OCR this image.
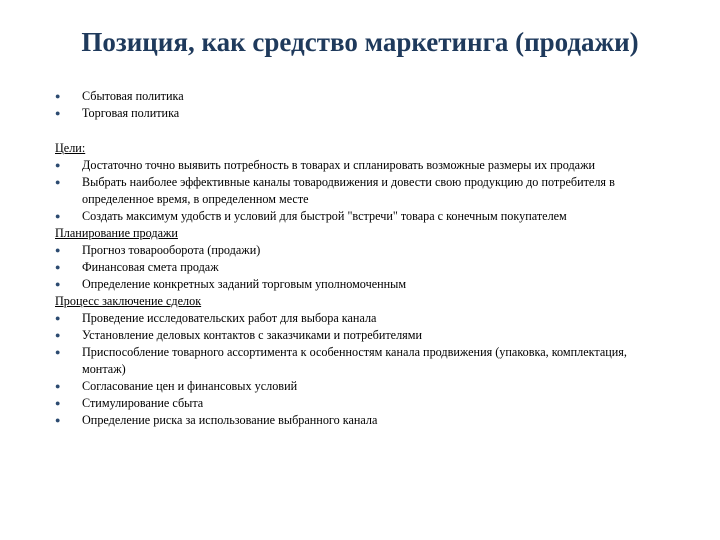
Позиция, как средство маркетинга (продажи)
● Сбытовая политика
● Торговая политика
Цели:
● Достаточно точно выявить потребность в товарах и спланировать возможные размеры их продажи
● Выбрать наиболее эффективные каналы товародвижения и довести свою продукцию до потребителя в определенное время, в определенном месте
● Создать максимум удобств и условий для быстрой "встречи" товара с конечным покупателем
Планирование продажи
● Прогноз товарооборота (продажи)
● Финансовая смета продаж
● Определение конкретных заданий торговым уполномоченным
Процесс заключение сделок
● Проведение исследовательских работ для выбора канала
● Установление деловых контактов с заказчиками и потребителями
● Приспособление товарного ассортимента к особенностям канала продвижения (упаковка, комплектация, монтаж)
● Согласование цен и финансовых условий
● Стимулирование сбыта
● Определение риска за использование выбранного канала
